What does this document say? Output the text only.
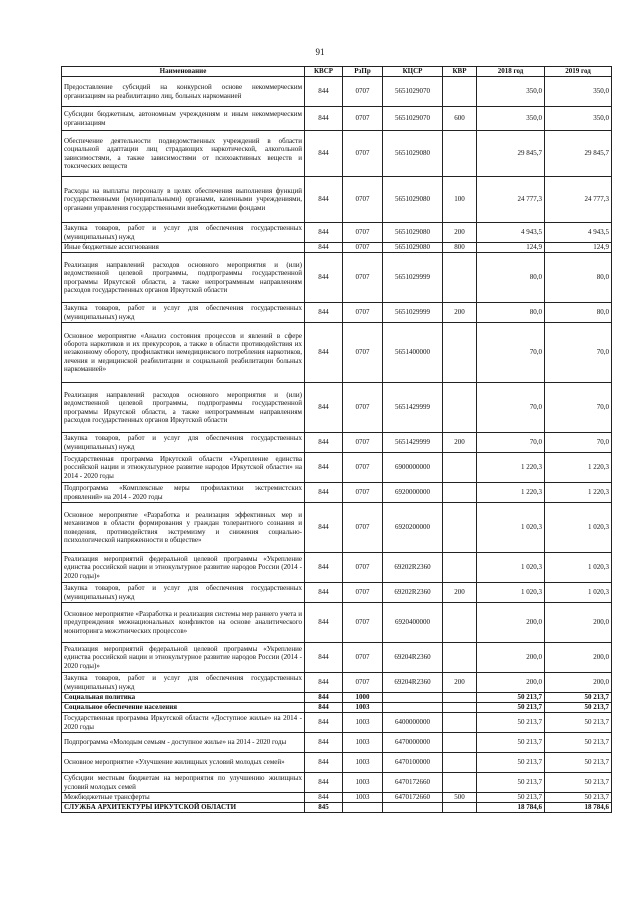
91
Наименование	КВСР	РзПр	КЦСР	КВР	2018 год	2019 год
Предоставление субсидий на конкурсной основе некоммерческим организациям на реабилитацию лиц, больных наркоманией	844	0707	5651029070		350,0	350,0
Субсидии бюджетным, автономным учреждениям и иным некоммерческим организациям	844	0707	5651029070	600	350,0	350,0
Обеспечение деятельности подведомственных учреждений в области социальной адаптации лиц страдающих наркотической, алкогольной зависимостями, а также зависимостями от психоактивных веществ и токсических веществ	844	0707	5651029080		29 845,7	29 845,7
Расходы на выплаты персоналу в целях обеспечения выполнения функций государственными (муниципальными) органами, казенными учреждениями, органами управления государственными внебюджетными фондами	844	0707	5651029080	100	24 777,3	24 777,3
Закупка товаров, работ и услуг для обеспечения государственных (муниципальных) нужд	844	0707	5651029080	200	4 943,5	4 943,5
Иные бюджетные ассигнования	844	0707	5651029080	800	124,9	124,9
Реализация направлений расходов основного мероприятия и (или) ведомственной целевой программы, подпрограммы государственной программы Иркутской области, а также непрограммным направлениям расходов государственных органов Иркутской области	844	0707	5651029999		80,0	80,0
Закупка товаров, работ и услуг для обеспечения государственных (муниципальных) нужд	844	0707	5651029999	200	80,0	80,0
Основное мероприятие «Анализ состояния процессов и явлений в сфере оборота наркотиков и их прекурсоров, а также в области противодействия их незаконному обороту, профилактики немедицинского потребления наркотиков, лечения и медицинской реабилитации и социальной реабилитации больных наркоманией»	844	0707	5651400000		70,0	70,0
Реализация направлений расходов основного мероприятия и (или) ведомственной целевой программы, подпрограммы государственной программы Иркутской области, а также непрограммным направлениям расходов государственных органов Иркутской области	844	0707	5651429999		70,0	70,0
Закупка товаров, работ и услуг для обеспечения государственных (муниципальных) нужд	844	0707	5651429999	200	70,0	70,0
Государственная программа Иркутской области «Укрепление единства российской нации и этнокультурное развитие народов Иркутской области» на 2014 - 2020 годы	844	0707	6900000000		1 220,3	1 220,3
Подпрограмма «Комплексные меры профилактики экстремистских проявлений» на 2014 - 2020 годы	844	0707	6920000000		1 220,3	1 220,3
Основное мероприятие «Разработка и реализация эффективных мер и механизмов в области формирования у граждан толерантного сознания и поведения, противодействия экстремизму и снижения социально-психологической напряженности в обществе»	844	0707	6920200000		1 020,3	1 020,3
Реализация мероприятий федеральной целевой программы «Укрепление единства российской нации и этнокультурное развитие народов России (2014 - 2020 годы)»	844	0707	69202R2360		1 020,3	1 020,3
Закупка товаров, работ и услуг для обеспечения государственных (муниципальных) нужд	844	0707	69202R2360	200	1 020,3	1 020,3
Основное мероприятие «Разработка и реализация системы мер раннего учета и предупреждения межнациональных конфликтов на основе аналитического мониторинга межэтнических процессов»	844	0707	6920400000		200,0	200,0
Реализация мероприятий федеральной целевой программы «Укрепление единства российской нации и этнокультурное развитие народов России (2014 - 2020 годы)»	844	0707	69204R2360		200,0	200,0
Закупка товаров, работ и услуг для обеспечения государственных (муниципальных) нужд	844	0707	69204R2360	200	200,0	200,0
Социальная политика	844	1000			50 213,7	50 213,7
Социальное обеспечение населения	844	1003			50 213,7	50 213,7
Государственная программа Иркутской области «Доступное жилье» на 2014 - 2020 годы	844	1003	6400000000		50 213,7	50 213,7
Подпрограмма «Молодым семьям - доступное жилье» на 2014 - 2020 годы	844	1003	6470000000		50 213,7	50 213,7
Основное мероприятие «Улучшение жилищных условий молодых семей»	844	1003	6470100000		50 213,7	50 213,7
Субсидии местным бюджетам на мероприятия по улучшению жилищных условий молодых семей	844	1003	6470172660		50 213,7	50 213,7
Межбюджетные трансферты	844	1003	6470172660	500	50 213,7	50 213,7
СЛУЖБА АРХИТЕКТУРЫ ИРКУТСКОЙ ОБЛАСТИ	845				18 784,6	18 784,6
